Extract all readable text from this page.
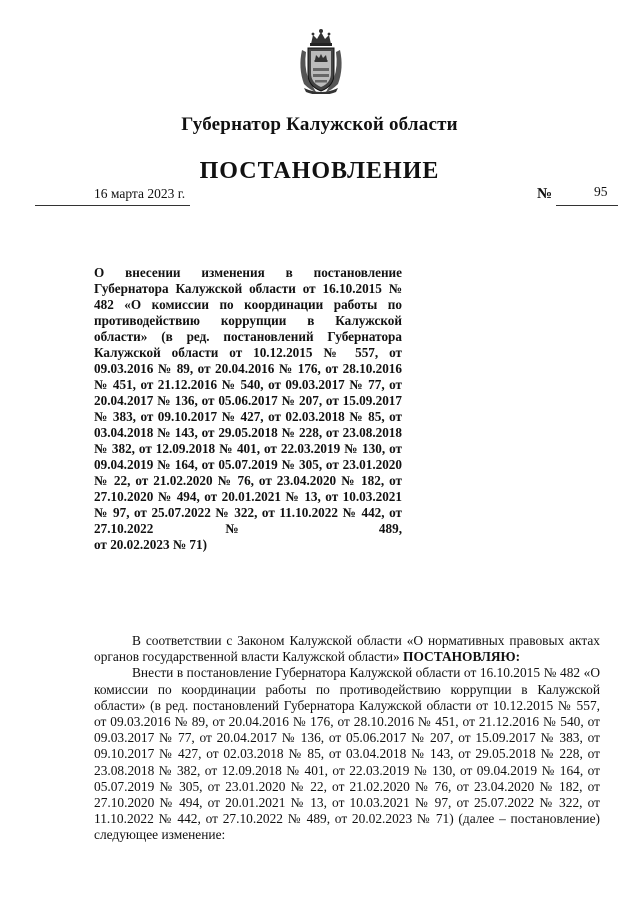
Губернатор Калужской области
ПОСТАНОВЛЕНИЕ
16 марта 2023 г.	№	95
О внесении изменения в постановление Губернатора Калужской области от 16.10.2015 № 482 «О комиссии по координации работы по противодействию коррупции в Калужской области» (в ред. постановлений Губернатора Калужской области от 10.12.2015 № 557, от 09.03.2016 № 89, от 20.04.2016 № 176, от 28.10.2016 № 451, от 21.12.2016 № 540, от 09.03.2017 № 77, от 20.04.2017 № 136, от 05.06.2017 № 207, от 15.09.2017 № 383, от 09.10.2017 № 427, от 02.03.2018 № 85, от 03.04.2018 № 143, от 29.05.2018 № 228, от 23.08.2018 № 382, от 12.09.2018 № 401, от 22.03.2019 № 130, от 09.04.2019 № 164, от 05.07.2019 № 305, от 23.01.2020 № 22, от 21.02.2020 № 76, от 23.04.2020 № 182, от 27.10.2020 № 494, от 20.01.2021 № 13, от 10.03.2021 № 97, от 25.07.2022 № 322, от 11.10.2022 № 442, от 27.10.2022 № 489,
от 20.02.2023 № 71)

В соответствии с Законом Калужской области «О нормативных правовых актах органов государственной власти Калужской области» ПОСТАНОВЛЯЮ:

Внести в постановление Губернатора Калужской области от 16.10.2015 № 482 «О комиссии по координации работы по противодействию коррупции в Калужской области» (в ред. постановлений Губернатора Калужской области от 10.12.2015 № 557, от 09.03.2016 № 89, от 20.04.2016 № 176, от 28.10.2016 № 451, от 21.12.2016 № 540, от 09.03.2017 № 77, от 20.04.2017 № 136, от 05.06.2017 № 207, от 15.09.2017 № 383, от 09.10.2017 № 427, от 02.03.2018 № 85, от 03.04.2018 № 143, от 29.05.2018 № 228, от 23.08.2018 № 382, от 12.09.2018 № 401, от 22.03.2019 № 130, от 09.04.2019 № 164, от 05.07.2019 № 305, от 23.01.2020 № 22, от 21.02.2020 № 76, от 23.04.2020 № 182, от 27.10.2020 № 494, от 20.01.2021 № 13, от 10.03.2021 № 97, от 25.07.2022 № 322, от 11.10.2022 № 442, от 27.10.2022 № 489, от 20.02.2023 № 71) (далее – постановление) следующее изменение:
